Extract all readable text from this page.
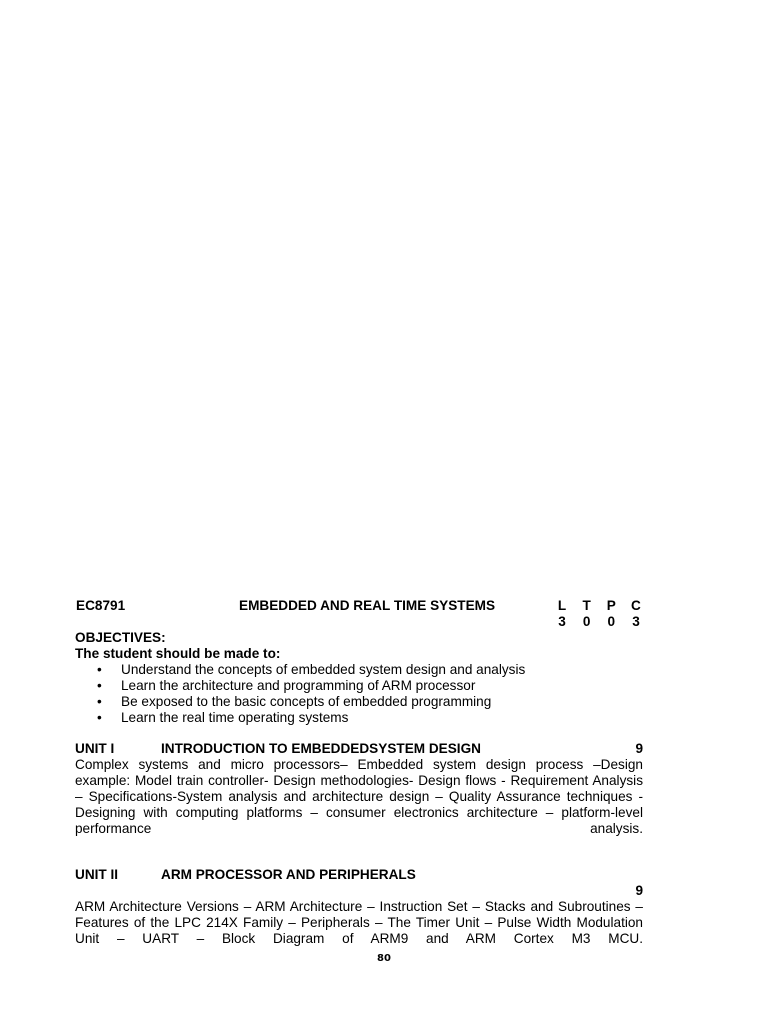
EC8791	EMBEDDED AND REAL TIME SYSTEMS	L T P C
3 0 0 3
OBJECTIVES:
The student should be made to:
• Understand the concepts of embedded system design and analysis
• Learn the architecture and programming of ARM processor
• Be exposed to the basic concepts of embedded programming
• Learn the real time operating systems
UNIT I	INTRODUCTION TO EMBEDDEDSYSTEM DESIGN	9
Complex systems and micro processors– Embedded system design process –Design example: Model train controller- Design methodologies- Design flows - Requirement Analysis – Specifications-System analysis and architecture design – Quality Assurance techniques - Designing with computing platforms – consumer electronics architecture – platform-level performance analysis.
UNIT II	ARM PROCESSOR AND PERIPHERALS
9
ARM Architecture Versions – ARM Architecture – Instruction Set – Stacks and Subroutines – Features of the LPC 214X Family – Peripherals – The Timer Unit – Pulse Width Modulation Unit – UART – Block Diagram of ARM9 and ARM Cortex M3 MCU.
80
